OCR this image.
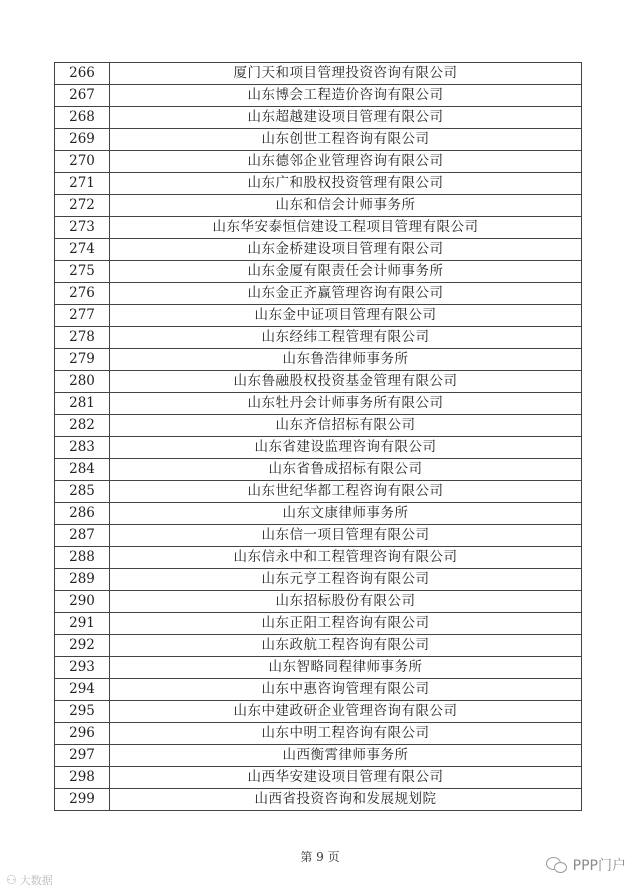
266	厦门天和项目管理投资咨询有限公司
267	山东博会工程造价咨询有限公司
268	山东超越建设项目管理有限公司
269	山东创世工程咨询有限公司
270	山东德邻企业管理咨询有限公司
271	山东广和股权投资管理有限公司
272	山东和信会计师事务所
273	山东华安泰恒信建设工程项目管理有限公司
274	山东金桥建设项目管理有限公司
275	山东金厦有限责任会计师事务所
276	山东金正齐赢管理咨询有限公司
277	山东金中证项目管理有限公司
278	山东经纬工程管理有限公司
279	山东鲁浩律师事务所
280	山东鲁融股权投资基金管理有限公司
281	山东牡丹会计师事务所有限公司
282	山东齐信招标有限公司
283	山东省建设监理咨询有限公司
284	山东省鲁成招标有限公司
285	山东世纪华都工程咨询有限公司
286	山东文康律师事务所
287	山东信一项目管理有限公司
288	山东信永中和工程管理咨询有限公司
289	山东元亨工程咨询有限公司
290	山东招标股份有限公司
291	山东正阳工程咨询有限公司
292	山东政航工程咨询有限公司
293	山东智略同程律师事务所
294	山东中惠咨询管理有限公司
295	山东中建政研企业管理咨询有限公司
296	山东中明工程咨询有限公司
297	山西衡霄律师事务所
298	山西华安建设项目管理有限公司
299	山西省投资咨询和发展规划院
第 9 页
⚇ 大数据
PPP门户
